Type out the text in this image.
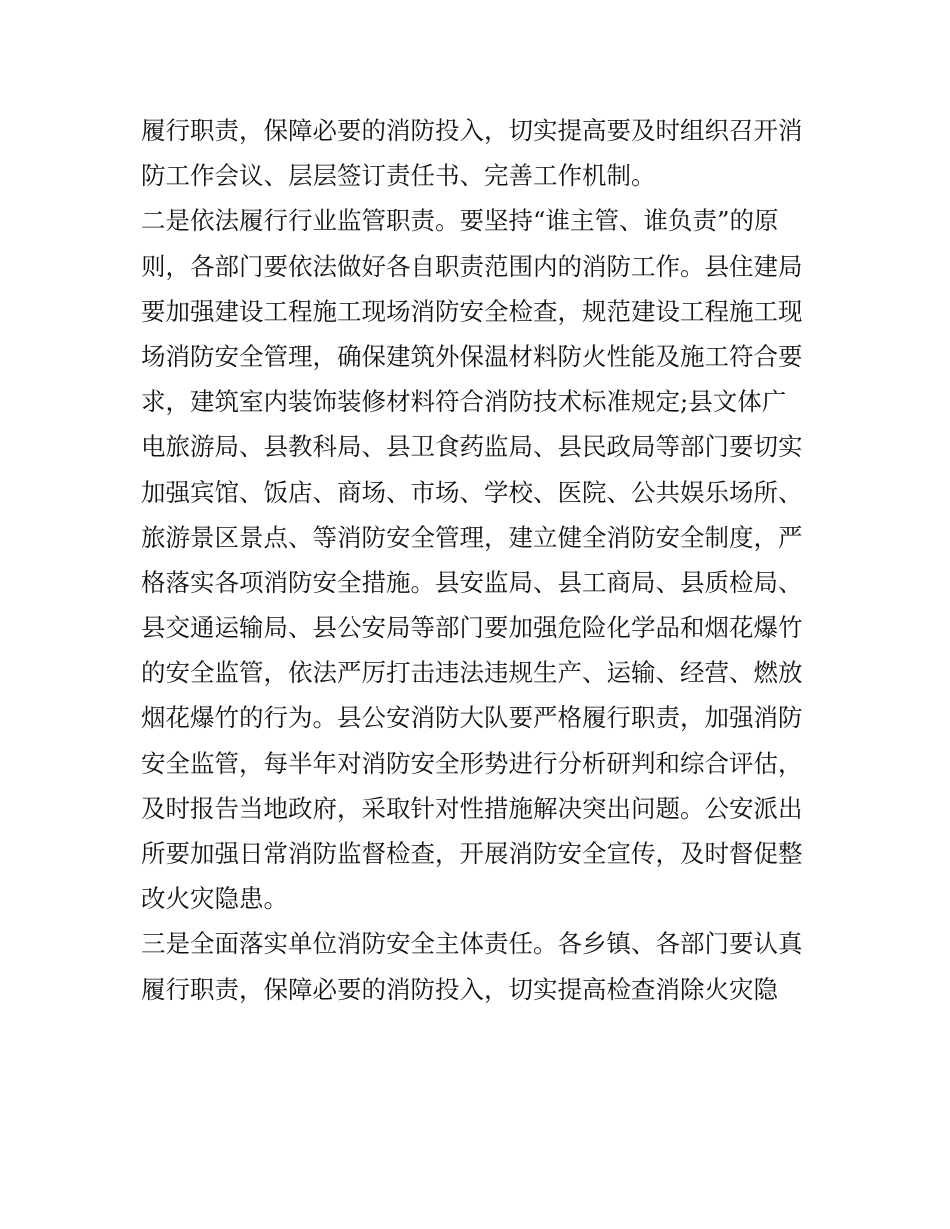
履行职责，保障必要的消防投入，切实提高要及时组织召开消
防工作会议、层层签订责任书、完善工作机制。
二是依法履行行业监管职责。要坚持“谁主管、谁负责”的原
则，各部门要依法做好各自职责范围内的消防工作。县住建局
要加强建设工程施工现场消防安全检查，规范建设工程施工现
场消防安全管理，确保建筑外保温材料防火性能及施工符合要
求，建筑室内装饰装修材料符合消防技术标准规定;县文体广
电旅游局、县教科局、县卫食药监局、县民政局等部门要切实
加强宾馆、饭店、商场、市场、学校、医院、公共娱乐场所、
旅游景区景点、等消防安全管理，建立健全消防安全制度，严
格落实各项消防安全措施。县安监局、县工商局、县质检局、
县交通运输局、县公安局等部门要加强危险化学品和烟花爆竹
的安全监管，依法严厉打击违法违规生产、运输、经营、燃放
烟花爆竹的行为。县公安消防大队要严格履行职责，加强消防
安全监管，每半年对消防安全形势进行分析研判和综合评估，
及时报告当地政府，采取针对性措施解决突出问题。公安派出
所要加强日常消防监督检查，开展消防安全宣传，及时督促整
改火灾隐患。
三是全面落实单位消防安全主体责任。各乡镇、各部门要认真
履行职责，保障必要的消防投入，切实提高检查消除火灾隐
